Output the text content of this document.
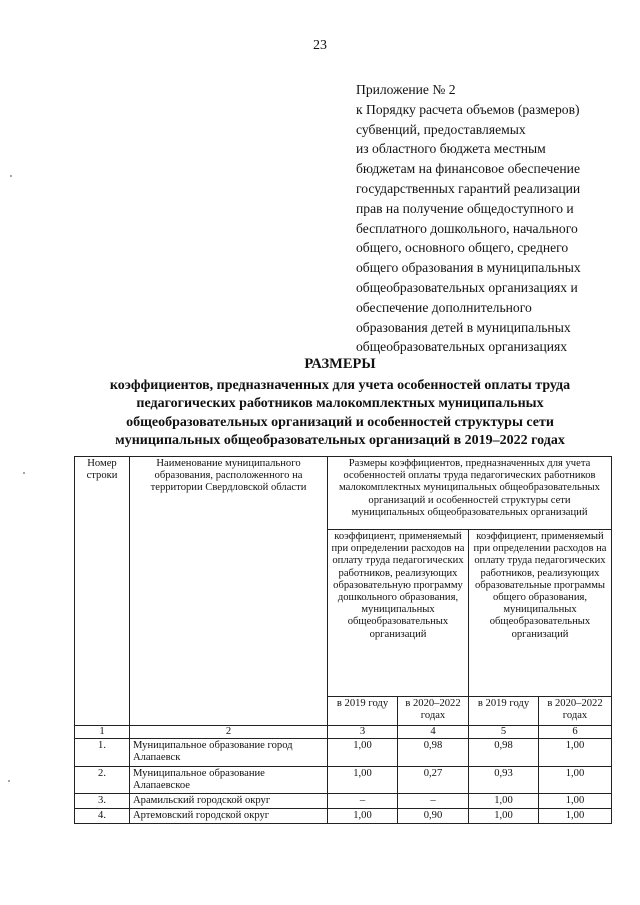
23
Приложение № 2
к Порядку расчета объемов (размеров)
субвенций, предоставляемых
из областного бюджета местным
бюджетам на финансовое обеспечение
государственных гарантий реализации
прав на получение общедоступного и
бесплатного дошкольного, начального
общего, основного общего, среднего
общего образования в муниципальных
общеобразовательных организациях и
обеспечение дополнительного
образования детей в муниципальных
общеобразовательных организациях
РАЗМЕРЫ
коэффициентов, предназначенных для учета особенностей оплаты труда
педагогических работников малокомплектных муниципальных
общеобразовательных организаций и особенностей структуры сети
муниципальных общеобразовательных организаций в 2019–2022 годах
Номер строки	Наименование муниципального образования, расположенного на территории Свердловской области	Размеры коэффициентов, предназначенных для учета особенностей оплаты труда педагогических работников малокомплектных муниципальных общеобразовательных организаций и особенностей структуры сети муниципальных общеобразовательных организаций			
		коэффициент, применяемый при определении расходов на оплату труда педагогических работников, реализующих образовательную программу дошкольного образования, муниципальных общеобразовательных организаций		коэффициент, применяемый при определении расходов на оплату труда педагогических работников, реализующих образовательные программы общего образования, муниципальных общеобразовательных организаций	
		в 2019 году	в 2020–2022 годах	в 2019 году	в 2020–2022 годах
1	2	3	4	5	6
1.	Муниципальное образование город Алапаевск	1,00	0,98	0,98	1,00
2.	Муниципальное образование Алапаевское	1,00	0,27	0,93	1,00
3.	Арамильский городской округ	–	–	1,00	1,00
4.	Артемовский городской округ	1,00	0,90	1,00	1,00
